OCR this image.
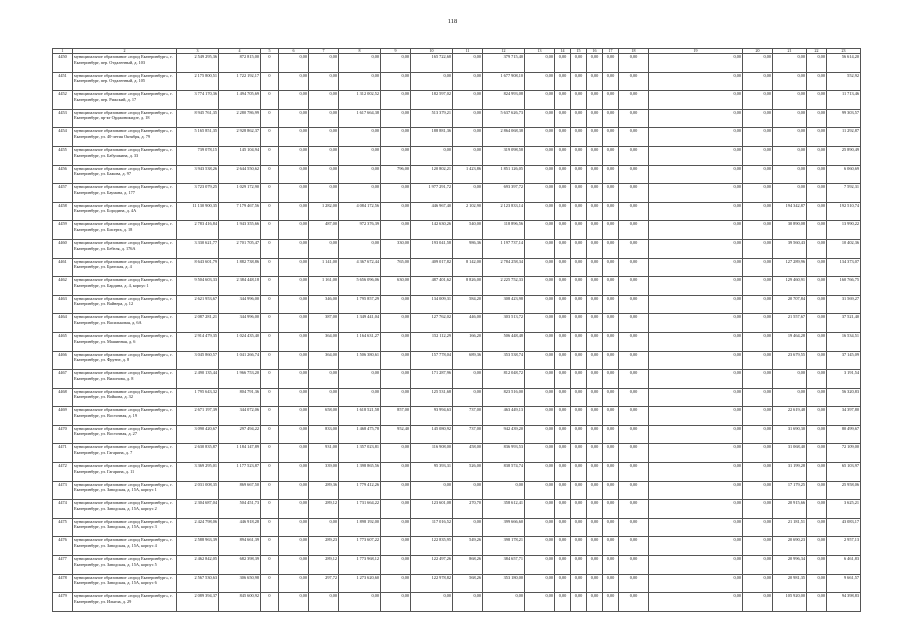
118
1	2	3	4	5	6	7	8	9	10	11	12	13	14	15	16	17	18	19	20	21	22	23
4450	муниципальное образование «город Екатеринбург», г. Екатеринбург, пер. Отдаленный, д. 103	2 549 295,36	872 815,00	0	0,00	0,00	0,00	0,00	165 722,68	0,00	379 715,40	0,00	0,00	0,00	0,00	0,00	0,00	0,00	0,00	0,00	0,00	56 614,20
4451	муниципальное образование «город Екатеринбург», г. Екатеринбург, пер. Отдаленный, д. 105	2 175 800,51	1 722 192,17	0	0,00	0,00	0,00	0,00	0,00	0,00	1 677 908,10	0,00	0,00	0,00	0,00	0,00	0,00	0,00	0,00	0,00	0,00	552,92
4452	муниципальное образование «город Екатеринбург», г. Екатеринбург, пер. Рижский, д. 17	3 774 170,36	1 494 705,69	0	0,00	0,00	1 312 002,52	0,00	182 597,02	0,00	824 993,08	0,00	0,00	0,00	0,00	0,00	0,00	0,00	0,00	0,00	0,00	11 713,46
4453	муниципальное образование «город Екатеринбург», г. Екатеринбург, пр-кт Орджоникидзе, д. 18	8 945 761,35	2 280 786,99	0	0,00	0,00	1 617 664,38	0,00	513 379,21	0,00	5 637 626,73	0,00	0,00	0,00	0,00	0,00	0,00	0,00	0,00	0,00	0,00	99 303,57
4454	муниципальное образование «город Екатеринбург», г. Екатеринбург, ул. 40-летия Октября, д. 79	5 165 851,35	2 928 862,37	0	0,00	0,00	0,00	0,00	188 881,36	0,00	2 864 068,38	0,00	0,00	0,00	0,00	0,00	0,00	0,00	0,00	0,00	0,00	11 292,87
4455	муниципальное образование «город Екатеринбург», г. Екатеринбург, ул. Бабушкина, д. 33	739 078,15	145 104,94	0	0,00	0,00	0,00	0,00	0,00	0,00	319 098,58	0,00	0,00	0,00	0,00	0,00	0,00	0,00	0,00	0,00	0,00	25 890,49
4456	муниципальное образование «город Екатеринбург», г. Екатеринбург, ул. Бажова, д. 97	3 943 538,26	2 644 550,62	0	0,00	0,00	0,00	796,00	120 802,21	1 423,86	1 851 126,05	0,00	0,00	0,00	0,00	0,00	0,00	0,00	0,00	0,00	0,00	6 060,69
4457	муниципальное образование «город Екатеринбург», г. Екатеринбург, ул. Баумана, д. 177	3 723 079,25	1 029 172,90	0	0,00	0,00	0,00	0,00	1 977 291,72	0,00	693 397,72	0,00	0,00	0,00	0,00	0,00	0,00	0,00	0,00	0,00	0,00	7 592,31
4458	муниципальное образование «город Екатеринбург», г. Екатеринбург, ул. Бородина, д. 4А	11 130 900,35	7 179 467,56	0	0,00	1 282,00	4 084 172,56	0,00	446 967,40	2 102,90	2 123 833,14	0,00	0,00	0,00	0,00	0,00	0,00	0,00	0,00	194 342,87	0,00	192 510,74
4459	муниципальное образование «город Екатеринбург», г. Екатеринбург, ул. Бисерта, д. 18	2 783 416,84	1 943 355,66	0	0,00	487,00	972 376,39	0,00	142 630,26	540,00	118 896,56	0,00	0,00	0,00	0,00	0,00	0,00	0,00	0,00	30 890,08	0,00	13 990,22
4460	муниципальное образование «город Екатеринбург», г. Екатеринбург, ул. Бебеля, д. 176А	3 330 621,77	2 701 705,47	0	0,00	0,00	0,00	330,00	193 041,58	986,36	1 197 737,14	0,00	0,00	0,00	0,00	0,00	0,00	0,00	0,00	39 560,43	0,00	10 402,36
4461	муниципальное образование «город Екатеринбург», г. Екатеринбург, ул. Братская, д. 4	8 643 601,79	1 882 738,86	0	0,00	1 141,00	4 367 672,44	765,00	409 017,82	8 142,00	2 784 258,34	0,00	0,00	0,00	0,00	0,00	0,00	0,00	0,00	127 289,96	0,00	134 373,07
4462	муниципальное образование «город Екатеринбург», г. Екатеринбург, ул. Бардина, д. 4, корпус 1	9 504 603,33	2 384 448,18	0	0,00	1 161,00	5 656 096,06	630,00	487 401,62	8 826,00	2 225 752,33	0,00	0,00	0,00	0,00	0,00	0,00	0,00	0,00	129 460,91	0,00	160 766,75
4463	муниципальное образование «город Екатеринбург», г. Екатеринбург, ул. Вайнера, д. 12	2 621 953,67	344 996,00	0	0,00	346,00	1 795 857,29	0,00	134 009,31	584,20	308 423,98	0,00	0,00	0,00	0,00	0,00	0,00	0,00	0,00	20 707,84	0,00	31 569,27
4464	муниципальное образование «город Екатеринбург», г. Екатеринбург, ул. Васильковая, д. 6А	2 087 281,21	344 996,00	0	0,00	387,00	1 349 441,04	0,00	127 762,02	446,00	303 513,72	0,00	0,00	0,00	0,00	0,00	0,00	0,00	0,00	21 557,67	0,00	37 521,40
4465	муниципальное образование «город Екатеринбург», г. Екатеринбург, ул. Машинная, д. 6	2 914 479,35	1 024 435,40	0	0,00	364,00	1 164 631,27	0,00	152 112,29	166,20	506 448,48	0,00	0,00	0,00	0,00	0,00	0,00	0,00	0,00	19 464,28	0,00	16 534,51
4466	муниципальное образование «город Екатеринбург», г. Екатеринбург, ул. Фрунзе, д. 8	3 045 860,57	1 041 266,74	0	0,00	364,00	1 506 380,61	0,00	157 778,04	689,36	353 538,74	0,00	0,00	0,00	0,00	0,00	0,00	0,00	0,00	23 679,55	0,00	37 145,09
4467	муниципальное образование «город Екатеринбург», г. Екатеринбург, ул. Вилонова, д. 8	2 490 135,44	1 966 753,20	0	0,00	0,00	0,00	0,00	171 287,96	0,00	812 048,72	0,00	0,00	0,00	0,00	0,00	0,00	0,00	0,00	0,00	0,00	3 191,54
4468	муниципальное образование «город Екатеринбург», г. Екатеринбург, ул. Войкова, д. 32	1 795 643,32	804 791,36	0	0,00	0,00	0,00	0,00	125 531,68	0,00	823 516,00	0,00	0,00	0,00	0,00	0,00	0,00	0,00	0,00	0,00	0,00	56 320,83
4469	муниципальное образование «город Екатеринбург», г. Екатеринбург, ул. Восточная, д. 19	2 671 197,39	344 072,06	0	0,00	658,00	1 618 521,58	857,00	93 994,63	737,00	463 449,13	0,00	0,00	0,00	0,00	0,00	0,00	0,00	0,00	22 619,48	0,00	34 397,80
4470	муниципальное образование «город Екатеринбург», г. Екатеринбург, ул. Восточная, д. 27	3 090 420,67	297 494,22	0	0,00	833,00	1 468 475,78	952,40	145 080,92	737,00	942 439,20	0,00	0,00	0,00	0,00	0,00	0,00	0,00	0,00	31 690,30	0,00	80 499,67
4471	муниципальное образование «город Екатеринбург», г. Екатеринбург, ул. Гагарина, д. 7	2 630 835,87	1 184 147,89	0	0,00	931,00	1 357 023,81	0,00	116 908,00	458,00	836 993,53	0,00	0,00	0,00	0,00	0,00	0,00	0,00	0,00	31 068,40	0,00	72 109,00
4472	муниципальное образование «город Екатеринбург», г. Екатеринбург, ул. Гагарина, д. 11	3 369 295,01	1 177 523,87	0	0,00	339,00	1 398 865,56	0,00	95 393,31	526,00	838 574,74	0,00	0,00	0,00	0,00	0,00	0,00	0,00	0,00	31 199,28	0,00	65 103,97
4473	муниципальное образование «город Екатеринбург», г. Екатеринбург, ул. Заводская, д. 15А, корпус 1	2 031 008,35	869 667,50	0	0,00	289,36	1 779 412,26	0,00	0,00	0,00	0,00	0,00	0,00	0,00	0,00	0,00	0,00	0,00	0,00	17 179,25	0,00	25 958,06
4474	муниципальное образование «город Екатеринбург», г. Екатеринбург, ул. Заводская, д. 15А, корпус 2	2 304 687,04	504 451,73	0	0,00	289,12	1 731 664,22	0,00	123 601,08	270,70	358 612,41	0,00	0,00	0,00	0,00	0,00	0,00	0,00	0,00	20 915,66	0,00	3 625,21
4475	муниципальное образование «город Екатеринбург», г. Екатеринбург, ул. Заводская, д. 15А, корпус 3	2 424 798,06	446 918,28	0	0,00	0,00	1 898 192,00	0,00	117 016,52	0,00	399 666,60	0,00	0,00	0,00	0,00	0,00	0,00	0,00	0,00	21 181,51	0,00	43 083,17
4476	муниципальное образование «город Екатеринбург», г. Екатеринбург, ул. Заводская, д. 15А, корпус 4	2 588 963,39	894 661,39	0	0,00	289,23	1 773 607,22	0,00	122 835,95	549,26	398 178,21	0,00	0,00	0,00	0,00	0,00	0,00	0,00	0,00	20 690,23	0,00	2 957,13
4477	муниципальное образование «город Екатеринбург», г. Екатеринбург, ул. Заводская, д. 15А, корпус 5	2 462 842,05	682 398,39	0	0,00	289,12	1 773 968,12	0,00	122 497,26	868,26	384 657,71	0,00	0,00	0,00	0,00	0,00	0,00	0,00	0,00	20 996,34	0,00	6 461,83
4478	муниципальное образование «город Екатеринбург», г. Екатеринбург, ул. Заводская, д. 15А, корпус 6	2 567 530,63	306 650,98	0	0,00	297,72	1 273 620,60	0,00	122 978,82	568,26	353 180,00	0,00	0,00	0,00	0,00	0,00	0,00	0,00	0,00	20 981,35	0,00	9 661,57
4479	муниципальное образование «город Екатеринбург», г. Екатеринбург, ул. Ильича, д. 29	2 089 394,37	845 600,92	0	0,00	0,00	0,00	0,00	0,00	0,00	0,00	0,00	0,00	0,00	0,00	0,00	0,00	0,00	0,00	105 920,00	0,00	94 398,83
